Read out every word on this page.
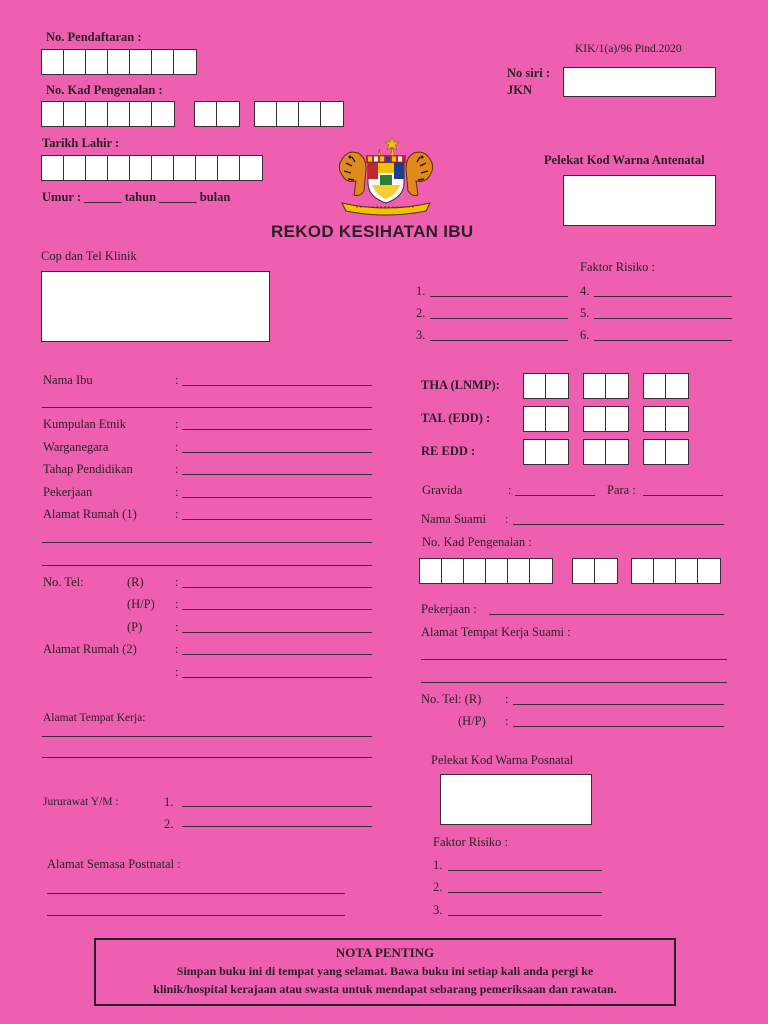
No. Pendaftaran :
No. Kad Pengenalan :
Tarikh Lahir :
Umur : ______ tahun ______ bulan
KIK/1(a)/96 Pind.2020
No siri :
JKN
Pelekat Kod Warna Antenatal
REKOD KESIHATAN IBU
Cop dan Tel Klinik
Faktor Risiko :
1.
2.
3.
4.
5.
6.
Nama Ibu	:
Kumpulan Etnik	:
Warganegara	:
Tahap Pendidikan	:
Pekerjaan	:
Alamat Rumah (1)	:
No. Tel:	(R)	:
(H/P) :
(P)	:
Alamat Rumah (2)	:
:
Alamat Tempat Kerja:
Jururawat Y/M :	1.
2.
Alamat Semasa Postnatal :
THA (LNMP):
TAL (EDD) :
RE EDD :
Gravida	:	Para :
Nama Suami :
No. Kad Pengenalan :
Pekerjaan :
Alamat Tempat Kerja Suami :
No. Tel: (R) :
(H/P) :
Pelekat Kod Warna Posnatal
Faktor Risiko :
1.
2.
3.
NOTA PENTING
Simpan buku ini di tempat yang selamat. Bawa buku ini setiap kali anda pergi ke
klinik/hospital kerajaan atau swasta untuk mendapat sebarang pemeriksaan dan rawatan.
